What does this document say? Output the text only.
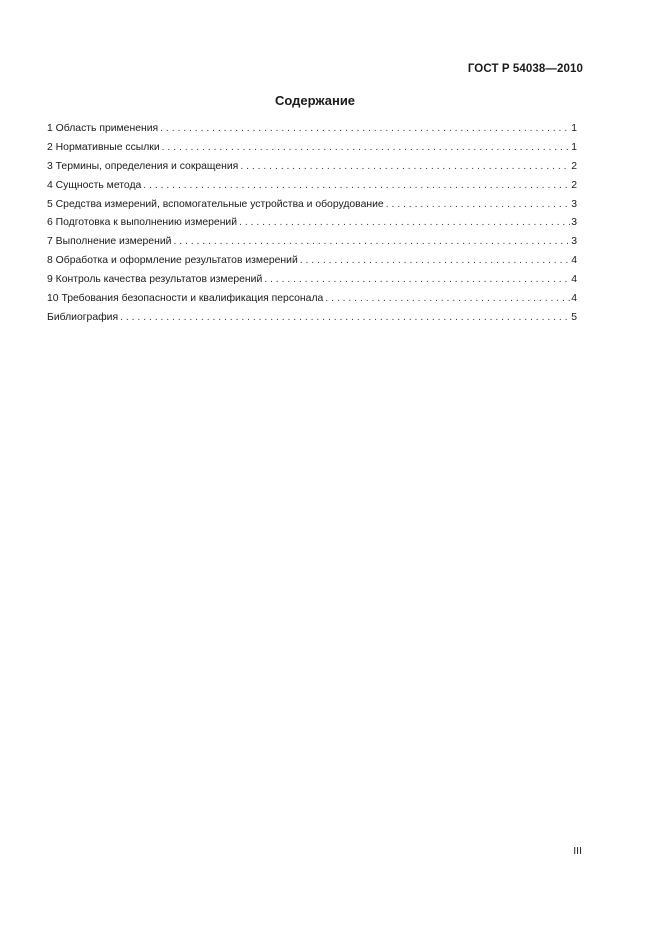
ГОСТ Р 54038—2010
Содержание
1 Область применения . . .	1
2 Нормативные ссылки . . .	1
3 Термины, определения и сокращения . . .	2
4 Сущность метода . . .	2
5 Средства измерений, вспомогательные устройства и оборудование . . .	3
6 Подготовка к выполнению измерений . . .	3
7 Выполнение измерений . . .	3
8 Обработка и оформление результатов измерений . . .	4
9 Контроль качества результатов измерений . . .	4
10 Требования безопасности и квалификация персонала . . .	4
Библиография . . .	5
III
